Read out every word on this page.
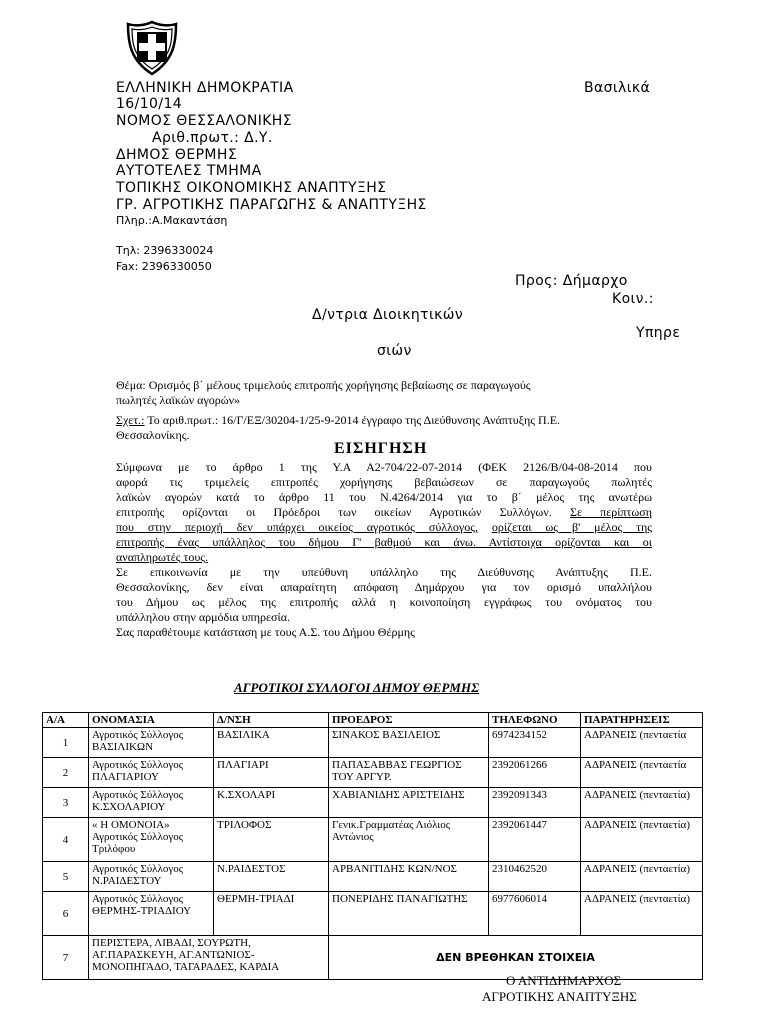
ΕΛΛΗΝΙΚΗ ΔΗΜΟΚΡΑΤΙΑ	Βασιλικά
16/10/14
ΝΟΜΟΣ ΘΕΣΣΑΛΟΝΙΚΗΣ
Αριθ.πρωτ.: Δ.Υ.
ΔΗΜΟΣ ΘΕΡΜΗΣ
ΑΥΤΟΤΕΛΕΣ ΤΜΗΜΑ
ΤΟΠΙΚΗΣ ΟΙΚΟΝΟΜΙΚΗΣ ΑΝΑΠΤΥΞΗΣ
ΓΡ. ΑΓΡΟΤΙΚΗΣ ΠΑΡΑΓΩΓΗΣ & ΑΝΑΠΤΥΞΗΣ
Πληρ.:Α.Μακαντάση
Τηλ: 2396330024
Fax: 2396330050
Προς: Δήμαρχο
Κοιν.:
Δ/ντρια Διοικητικών
Υπηρε
σιών
Θέμα: Ορισμός β΄ μέλους τριμελούς επιτροπής χορήγησης βεβαίωσης σε παραγωγούς
πωλητές λαϊκών αγορών»
Σχετ.: Το αριθ.πρωτ.: 16/Γ/ΕΞ/30204-1/25-9-2014 έγγραφο της Διεύθυνσης Ανάπτυξης Π.Ε.
Θεσσαλονίκης.
ΕΙΣΗΓΗΣΗ
Σύμφωνα με το άρθρο 1 της Υ.Α Α2-704/22-07-2014 (ΦΕΚ 2126/Β/04-08-2014 που
αφορά τις τριμελείς επιτροπές χορήγησης βεβαιώσεων σε παραγωγούς πωλητές
λαϊκών αγορών κατά το άρθρο 11 του Ν.4264/2014 για το β΄ μέλος της ανωτέρω
επιτροπής ορίζονται οι Πρόεδροι των οικείων Αγροτικών Συλλόγων. Σε περίπτωση
που στην περιοχή δεν υπάρχει οικείος αγροτικός σύλλογος, ορίζεται ως β' μέλος της
επιτροπής ένας υπάλληλος του δήμου Γ' βαθμού και άνω. Αντίστοιχα ορίζονται και οι
αναπληρωτές τους.
Σε επικοινωνία με την υπεύθυνη υπάλληλο της Διεύθυνσης Ανάπτυξης Π.Ε.
Θεσσαλονίκης, δεν είναι απαραίτητη απόφαση Δημάρχου για τον ορισμό υπαλλήλου
του Δήμου ως μέλος της επιτροπής αλλά η κοινοποίηση εγγράφως του ονόματος του
υπάλληλου στην αρμόδια υπηρεσία.
Σας παραθέτουμε κατάσταση με τους Α.Σ. του Δήμου Θέρμης
ΑΓΡΟΤΙΚΟΙ ΣΥΛΛΟΓΟΙ ΔΗΜΟΥ ΘΕΡΜΗΣ
Α/Α	ΟΝΟΜΑΣΙΑ	Δ/ΝΣΗ	ΠΡΟΕΔΡΟΣ	ΤΗΛΕΦΩΝΟ	ΠΑΡΑΤΗΡΗΣΕΙΣ
1	Αγροτικός Σύλλογος ΒΑΣΙΛΙΚΩΝ	ΒΑΣΙΛΙΚΑ	ΣΙΝΑΚΟΣ ΒΑΣΙΛΕΙΟΣ	6974234152	ΑΔΡΑΝΕΙΣ (πενταετία
2	Αγροτικός Σύλλογος ΠΛΑΓΙΑΡΙΟΥ	ΠΛΑΓΙΑΡΙ	ΠΑΠΑΣΑΒΒΑΣ ΓΕΩΡΓΙΟΣ ΤΟΥ ΑΡΓΥΡ.	2392061266	ΑΔΡΑΝΕΙΣ (πενταετία
3	Αγροτικός Σύλλογος Κ.ΣΧΟΛΑΡΙΟΥ	Κ.ΣΧΟΛΑΡΙ	ΧΑΒΙΑΝΙΔΗΣ ΑΡΙΣΤΕΙΔΗΣ	2392091343	ΑΔΡΑΝΕΙΣ (πενταετία)
4	« Η ΟΜΟΝΟΙΑ» Αγροτικός Σύλλογος Τριλόφου	ΤΡΙΛΟΦΟΣ	Γενικ.Γραμματέας Λιόλιος Αντώνιος	2392061447	ΑΔΡΑΝΕΙΣ (πενταετία)
5	Αγροτικός Σύλλογος Ν.ΡΑΙΔΕΣΤΟΥ	Ν.ΡΑΙΔΕΣΤΟΣ	ΑΡΒΑΝΙΤΙΔΗΣ ΚΩΝ/ΝΟΣ	2310462520	ΑΔΡΑΝΕΙΣ (πενταετία)
6	Αγροτικός Σύλλογος ΘΕΡΜΗΣ-ΤΡΙΑΔΙΟΥ	ΘΕΡΜΗ-ΤΡΙΑΔΙ	ΠΟΝΕΡΙΔΗΣ ΠΑΝΑΓΙΩΤΗΣ	6977606014	ΑΔΡΑΝΕΙΣ (πενταετία)
7	ΠΕΡΙΣΤΕΡΑ, ΛΙΒΑΔΙ, ΣΟΥΡΩΤΗ, ΑΓ.ΠΑΡΑΣΚΕΥΗ, ΑΓ.ΑΝΤΩΝΙΟΣ-ΜΟΝΟΠΗΓΑΔΟ, ΤΑΓΑΡΑΔΕΣ, ΚΑΡΔΙΑ		ΔΕΝ ΒΡΕΘΗΚΑΝ ΣΤΟΙΧΕΙΑ		
Ο ΑΝΤΙΔΗΜΑΡΧΟΣ
ΑΓΡΟΤΙΚΗΣ ΑΝΑΠΤΥΞΗΣ
